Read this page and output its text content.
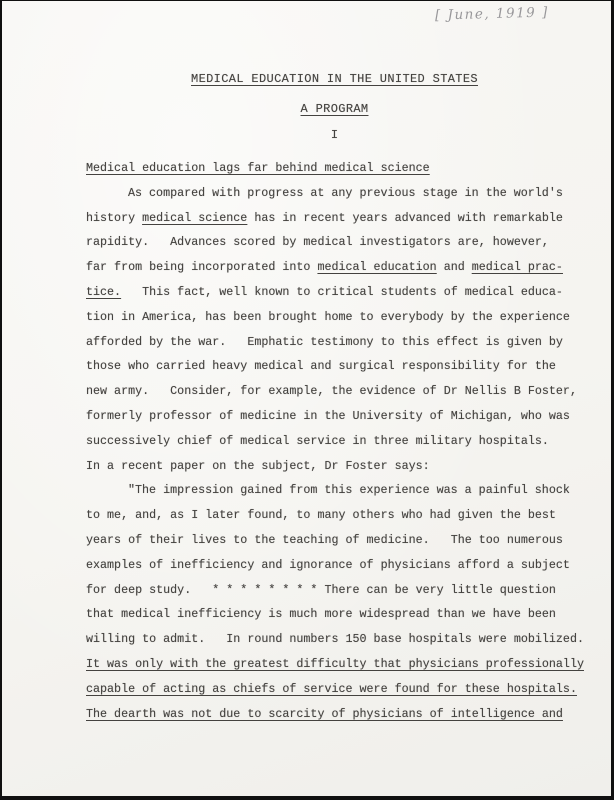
[ June, 1919 ]
MEDICAL EDUCATION IN THE UNITED STATES
A PROGRAM
I

Medical education lags far behind medical science

As compared with progress at any previous stage in the world's

history medical science has in recent years advanced with remarkable

rapidity.   Advances scored by medical investigators are, however,

far from being incorporated into medical education and medical prac-

tice.   This fact, well known to critical students of medical educa-

tion in America, has been brought home to everybody by the experience

afforded by the war.   Emphatic testimony to this effect is given by

those who carried heavy medical and surgical responsibility for the

new army.   Consider, for example, the evidence of Dr Nellis B Foster,

formerly professor of medicine in the University of Michigan, who was

successively chief of medical service in three military hospitals.

In a recent paper on the subject, Dr Foster says:

"The impression gained from this experience was a painful shock

to me, and, as I later found, to many others who had given the best

years of their lives to the teaching of medicine.   The too numerous

examples of inefficiency and ignorance of physicians afford a subject

for deep study.   * * * * * * * * There can be very little question

that medical inefficiency is much more widespread than we have been

willing to admit.   In round numbers 150 base hospitals were mobilized.

It was only with the greatest difficulty that physicians professionally

capable of acting as chiefs of service were found for these hospitals.

The dearth was not due to scarcity of physicians of intelligence and
